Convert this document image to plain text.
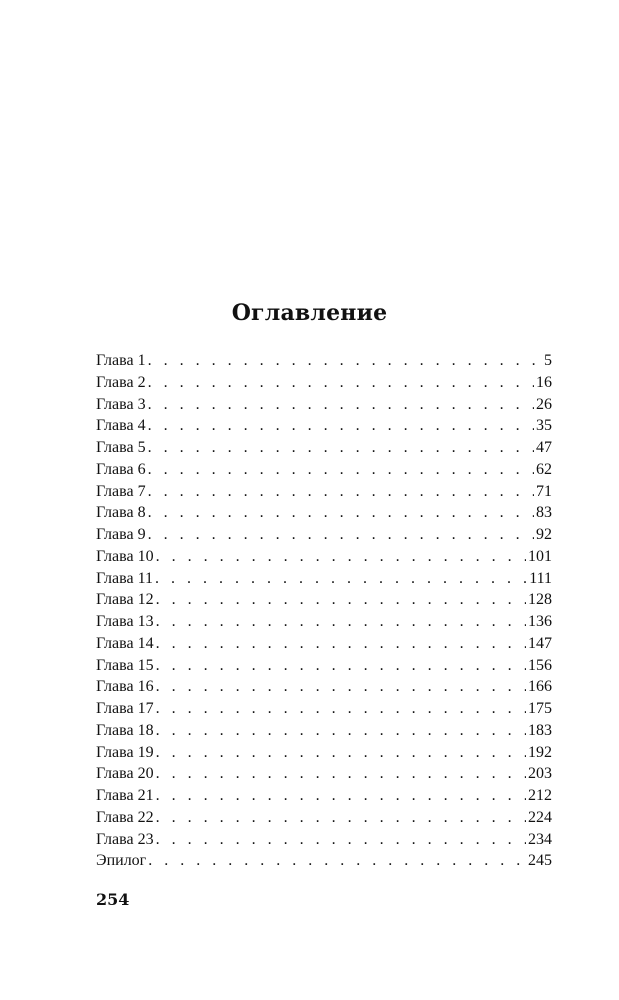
Оглавление
Глава 1 . . .	5
Глава 2 . . .	16
Глава 3 . . .	26
Глава 4 . . .	35
Глава 5 . . .	47
Глава 6 . . .	62
Глава 7 . . .	71
Глава 8 . . .	83
Глава 9 . . .	92
Глава 10 . . .	101
Глава 11 . . .	111
Глава 12 . . .	128
Глава 13 . . .	136
Глава 14 . . .	147
Глава 15 . . .	156
Глава 16 . . .	166
Глава 17 . . .	175
Глава 18 . . .	183
Глава 19 . . .	192
Глава 20 . . .	203
Глава 21 . . .	212
Глава 22 . . .	224
Глава 23 . . .	234
Эпилог . . .	245
254
